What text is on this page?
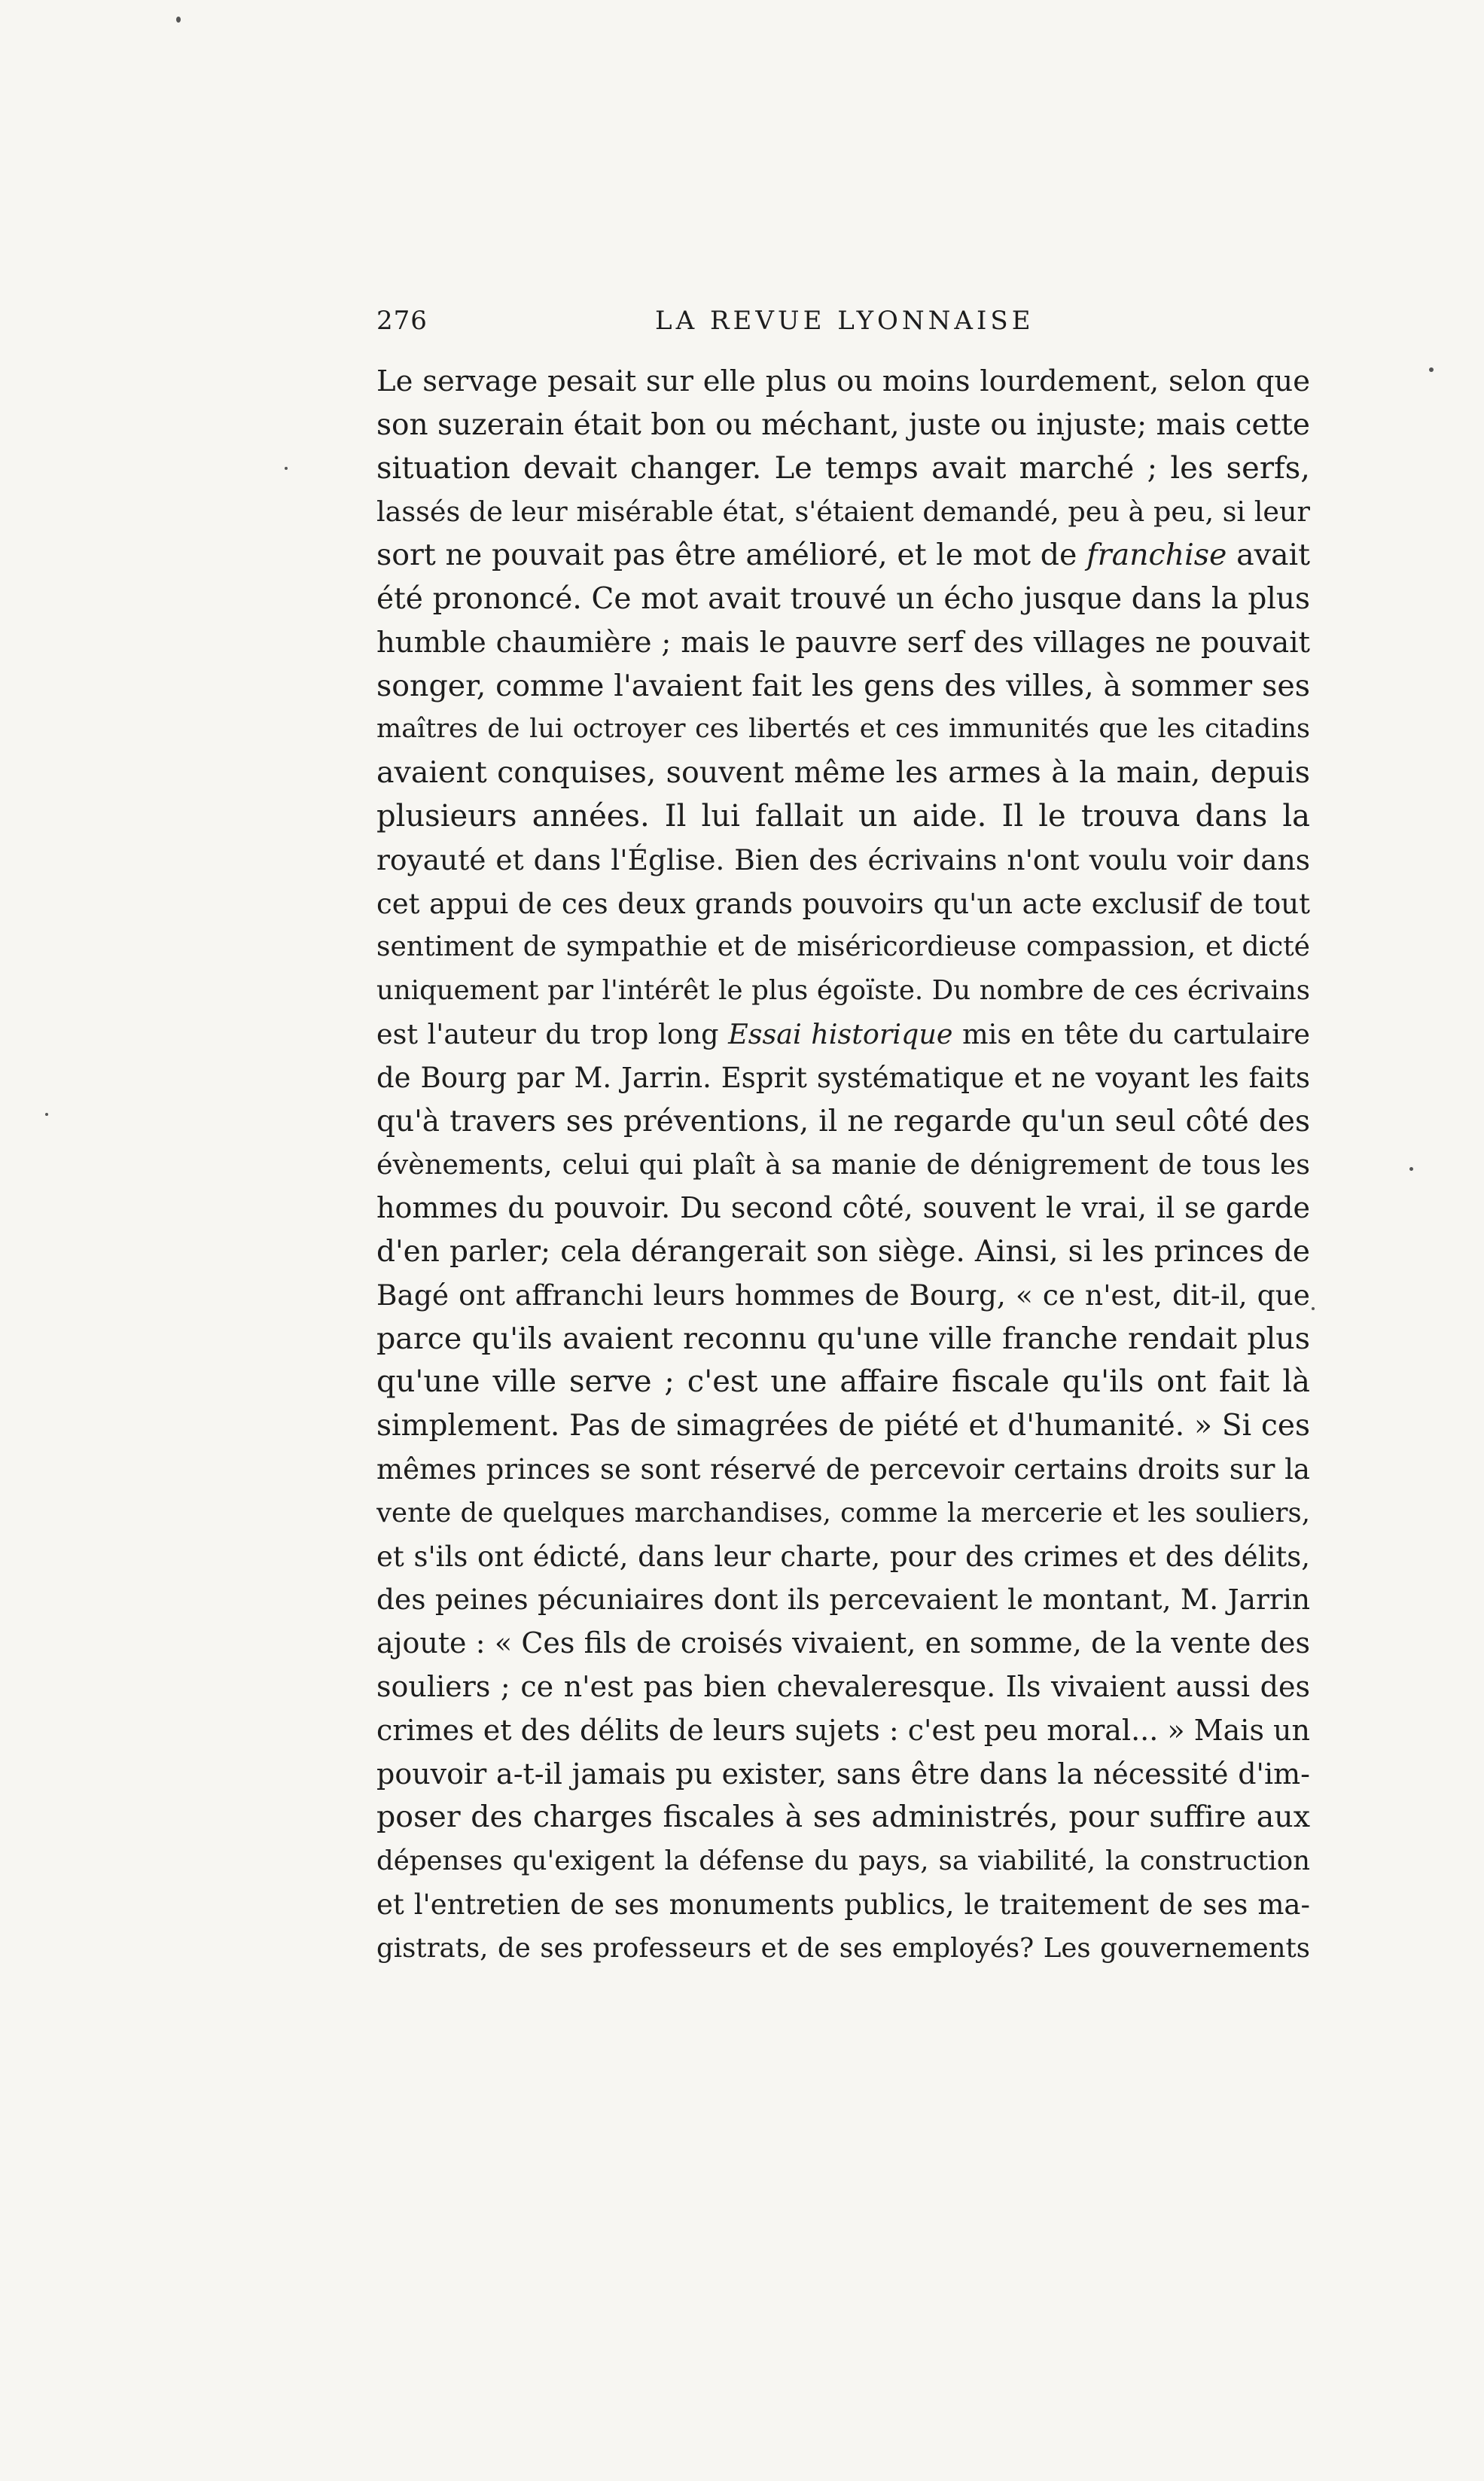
276	LA REVUE LYONNAISE
Le servage pesait sur elle plus ou moins lourdement, selon que
son suzerain était bon ou méchant, juste ou injuste; mais cette
situation devait changer. Le temps avait marché ; les serfs,
lassés de leur misérable état, s'étaient demandé, peu à peu, si leur
sort ne pouvait pas être amélioré, et le mot de franchise avait
été prononcé. Ce mot avait trouvé un écho jusque dans la plus
humble chaumière ; mais le pauvre serf des villages ne pouvait
songer, comme l'avaient fait les gens des villes, à sommer ses
maîtres de lui octroyer ces libertés et ces immunités que les citadins
avaient conquises, souvent même les armes à la main, depuis
plusieurs années. Il lui fallait un aide. Il le trouva dans la
royauté et dans l'Église. Bien des écrivains n'ont voulu voir dans
cet appui de ces deux grands pouvoirs qu'un acte exclusif de tout
sentiment de sympathie et de miséricordieuse compassion, et dicté
uniquement par l'intérêt le plus égoïste. Du nombre de ces écrivains
est l'auteur du trop long Essai historique mis en tête du cartulaire
de Bourg par M. Jarrin. Esprit systématique et ne voyant les faits
qu'à travers ses préventions, il ne regarde qu'un seul côté des
évènements, celui qui plaît à sa manie de dénigrement de tous les
hommes du pouvoir. Du second côté, souvent le vrai, il se garde
d'en parler; cela dérangerait son siège. Ainsi, si les princes de
Bagé ont affranchi leurs hommes de Bourg, « ce n'est, dit-il, que
parce qu'ils avaient reconnu qu'une ville franche rendait plus
qu'une ville serve ; c'est une affaire fiscale qu'ils ont fait là
simplement. Pas de simagrées de piété et d'humanité. » Si ces
mêmes princes se sont réservé de percevoir certains droits sur la
vente de quelques marchandises, comme la mercerie et les souliers,
et s'ils ont édicté, dans leur charte, pour des crimes et des délits,
des peines pécuniaires dont ils percevaient le montant, M. Jarrin
ajoute : « Ces fils de croisés vivaient, en somme, de la vente des
souliers ; ce n'est pas bien chevaleresque. Ils vivaient aussi des
crimes et des délits de leurs sujets : c'est peu moral... » Mais un
pouvoir a-t-il jamais pu exister, sans être dans la nécessité d'im-
poser des charges fiscales à ses administrés, pour suffire aux
dépenses qu'exigent la défense du pays, sa viabilité, la construction
et l'entretien de ses monuments publics, le traitement de ses ma-
gistrats, de ses professeurs et de ses employés? Les gouvernements
